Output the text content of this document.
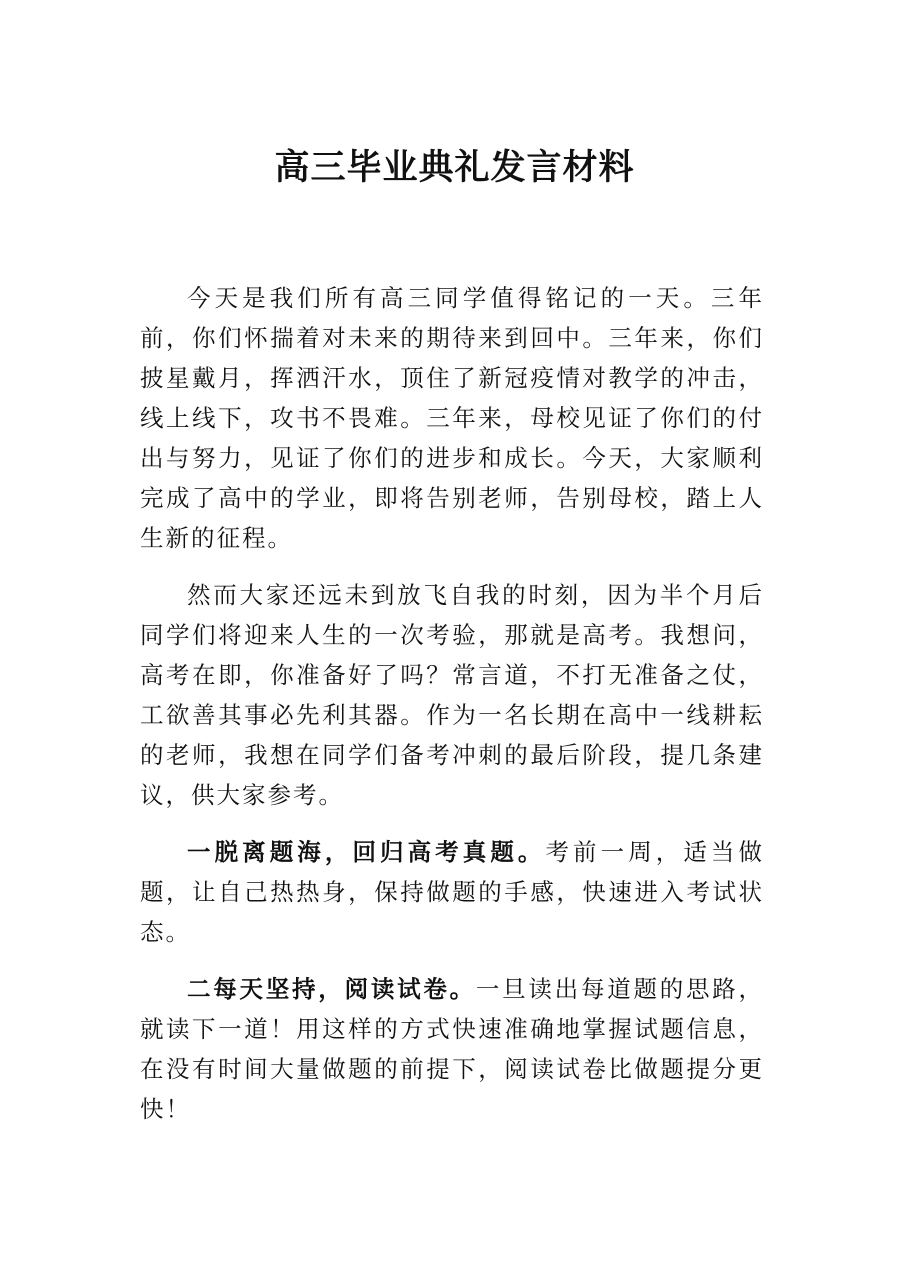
高三毕业典礼发言材料

今天是我们所有高三同学值得铭记的一天。三年前，你们怀揣着对未来的期待来到回中。三年来，你们披星戴月，挥洒汗水，顶住了新冠疫情对教学的冲击，线上线下，攻书不畏难。三年来，母校见证了你们的付出与努力，见证了你们的进步和成长。今天，大家顺利完成了高中的学业，即将告别老师，告别母校，踏上人生新的征程。

然而大家还远未到放飞自我的时刻，因为半个月后同学们将迎来人生的一次考验，那就是高考。我想问，高考在即，你准备好了吗？常言道，不打无准备之仗，工欲善其事必先利其器。作为一名长期在高中一线耕耘的老师，我想在同学们备考冲刺的最后阶段，提几条建议，供大家参考。

一脱离题海，回归高考真题。考前一周，适当做题，让自己热热身，保持做题的手感，快速进入考试状态。

二每天坚持，阅读试卷。一旦读出每道题的思路，就读下一道！用这样的方式快速准确地掌握试题信息，在没有时间大量做题的前提下，阅读试卷比做题提分更快！
